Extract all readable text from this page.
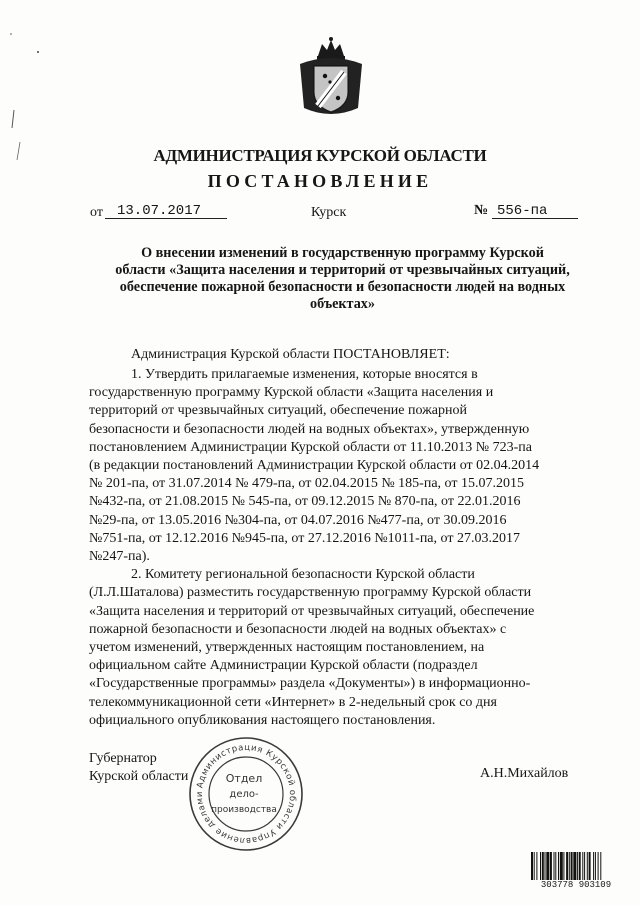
АДМИНИСТРАЦИЯ КУРСКОЙ ОБЛАСТИ
ПОСТАНОВЛЕНИЕ
от	13.07.2017	Курск	№ 556-па
О внесении изменений в государственную программу Курской
области «Защита населения и территорий от чрезвычайных ситуаций,
обеспечение пожарной безопасности и безопасности людей на водных
объектах»
Администрация Курской области ПОСТАНОВЛЯЕТ:
1. Утвердить прилагаемые изменения, которые вносятся в
государственную программу Курской области «Защита населения и
территорий от чрезвычайных ситуаций, обеспечение пожарной
безопасности и безопасности людей на водных объектах», утвержденную
постановлением Администрации Курской области от 11.10.2013 № 723-па
(в редакции постановлений Администрации Курской области от 02.04.2014
№ 201-па, от 31.07.2014 № 479-па, от 02.04.2015 № 185-па, от 15.07.2015
№432-па, от 21.08.2015 № 545-па, от 09.12.2015 № 870-па, от 22.01.2016
№29-па, от 13.05.2016 №304-па, от 04.07.2016 №477-па, от 30.09.2016
№751-па, от 12.12.2016 №945-па, от 27.12.2016 №1011-па, от 27.03.2017
№247-па).
2. Комитету региональной безопасности Курской области
(Л.Л.Шаталова) разместить государственную программу Курской области
«Защита населения и территорий от чрезвычайных ситуаций, обеспечение
пожарной безопасности и безопасности людей на водных объектах» с
учетом изменений, утвержденных настоящим постановлением, на
официальном сайте Администрации Курской области (подраздел
«Государственные программы» раздела «Документы») в информационно-
телекоммуникационной сети «Интернет» в 2-недельный срок со дня
официального опубликования настоящего постановления.
Губернатор
Курской области	А.Н.Михайлов
Администрация Курской области Управление делами
Отдел
дело-
производства
303778 903109
